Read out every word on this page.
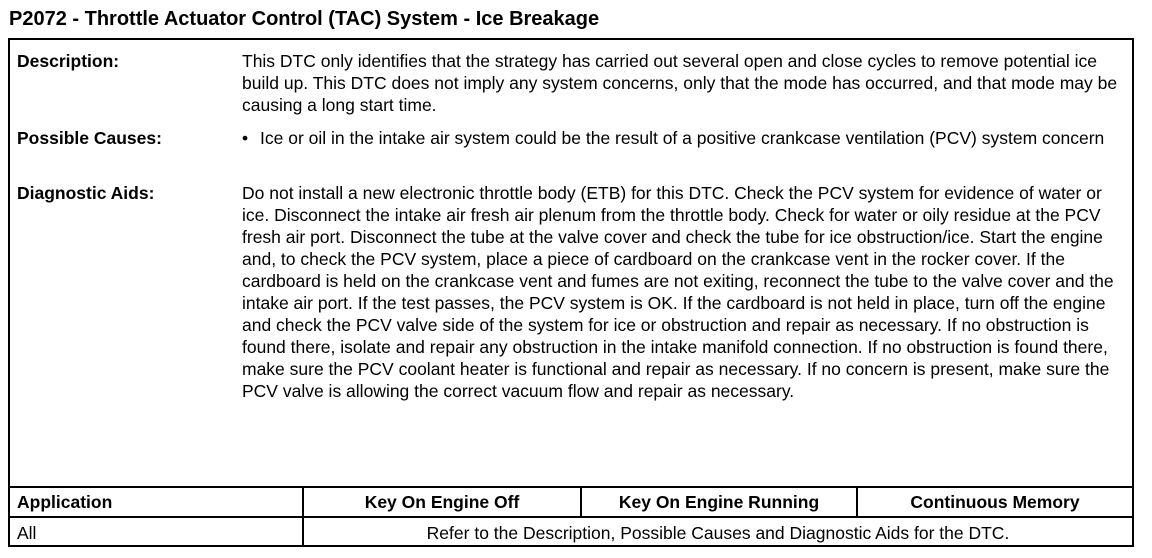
P2072 - Throttle Actuator Control (TAC) System - Ice Breakage
Description:	This DTC only identifies that the strategy has carried out several open and close cycles to remove potential ice build up. This DTC does not imply any system concerns, only that the mode has occurred, and that mode may be causing a long start time.
Possible Causes:	• Ice or oil in the intake air system could be the result of a positive crankcase ventilation (PCV) system concern
Diagnostic Aids:	Do not install a new electronic throttle body (ETB) for this DTC. Check the PCV system for evidence of water or ice. Disconnect the intake air fresh air plenum from the throttle body. Check for water or oily residue at the PCV fresh air port. Disconnect the tube at the valve cover and check the tube for ice obstruction/ice. Start the engine and, to check the PCV system, place a piece of cardboard on the crankcase vent in the rocker cover. If the cardboard is held on the crankcase vent and fumes are not exiting, reconnect the tube to the valve cover and the intake air port. If the test passes, the PCV system is OK. If the cardboard is not held in place, turn off the engine and check the PCV valve side of the system for ice or obstruction and repair as necessary. If no obstruction is found there, isolate and repair any obstruction in the intake manifold connection. If no obstruction is found there, make sure the PCV coolant heater is functional and repair as necessary. If no concern is present, make sure the PCV valve is allowing the correct vacuum flow and repair as necessary.
Application	Key On Engine Off	Key On Engine Running	Continuous Memory
All	Refer to the Description, Possible Causes and Diagnostic Aids for the DTC.
